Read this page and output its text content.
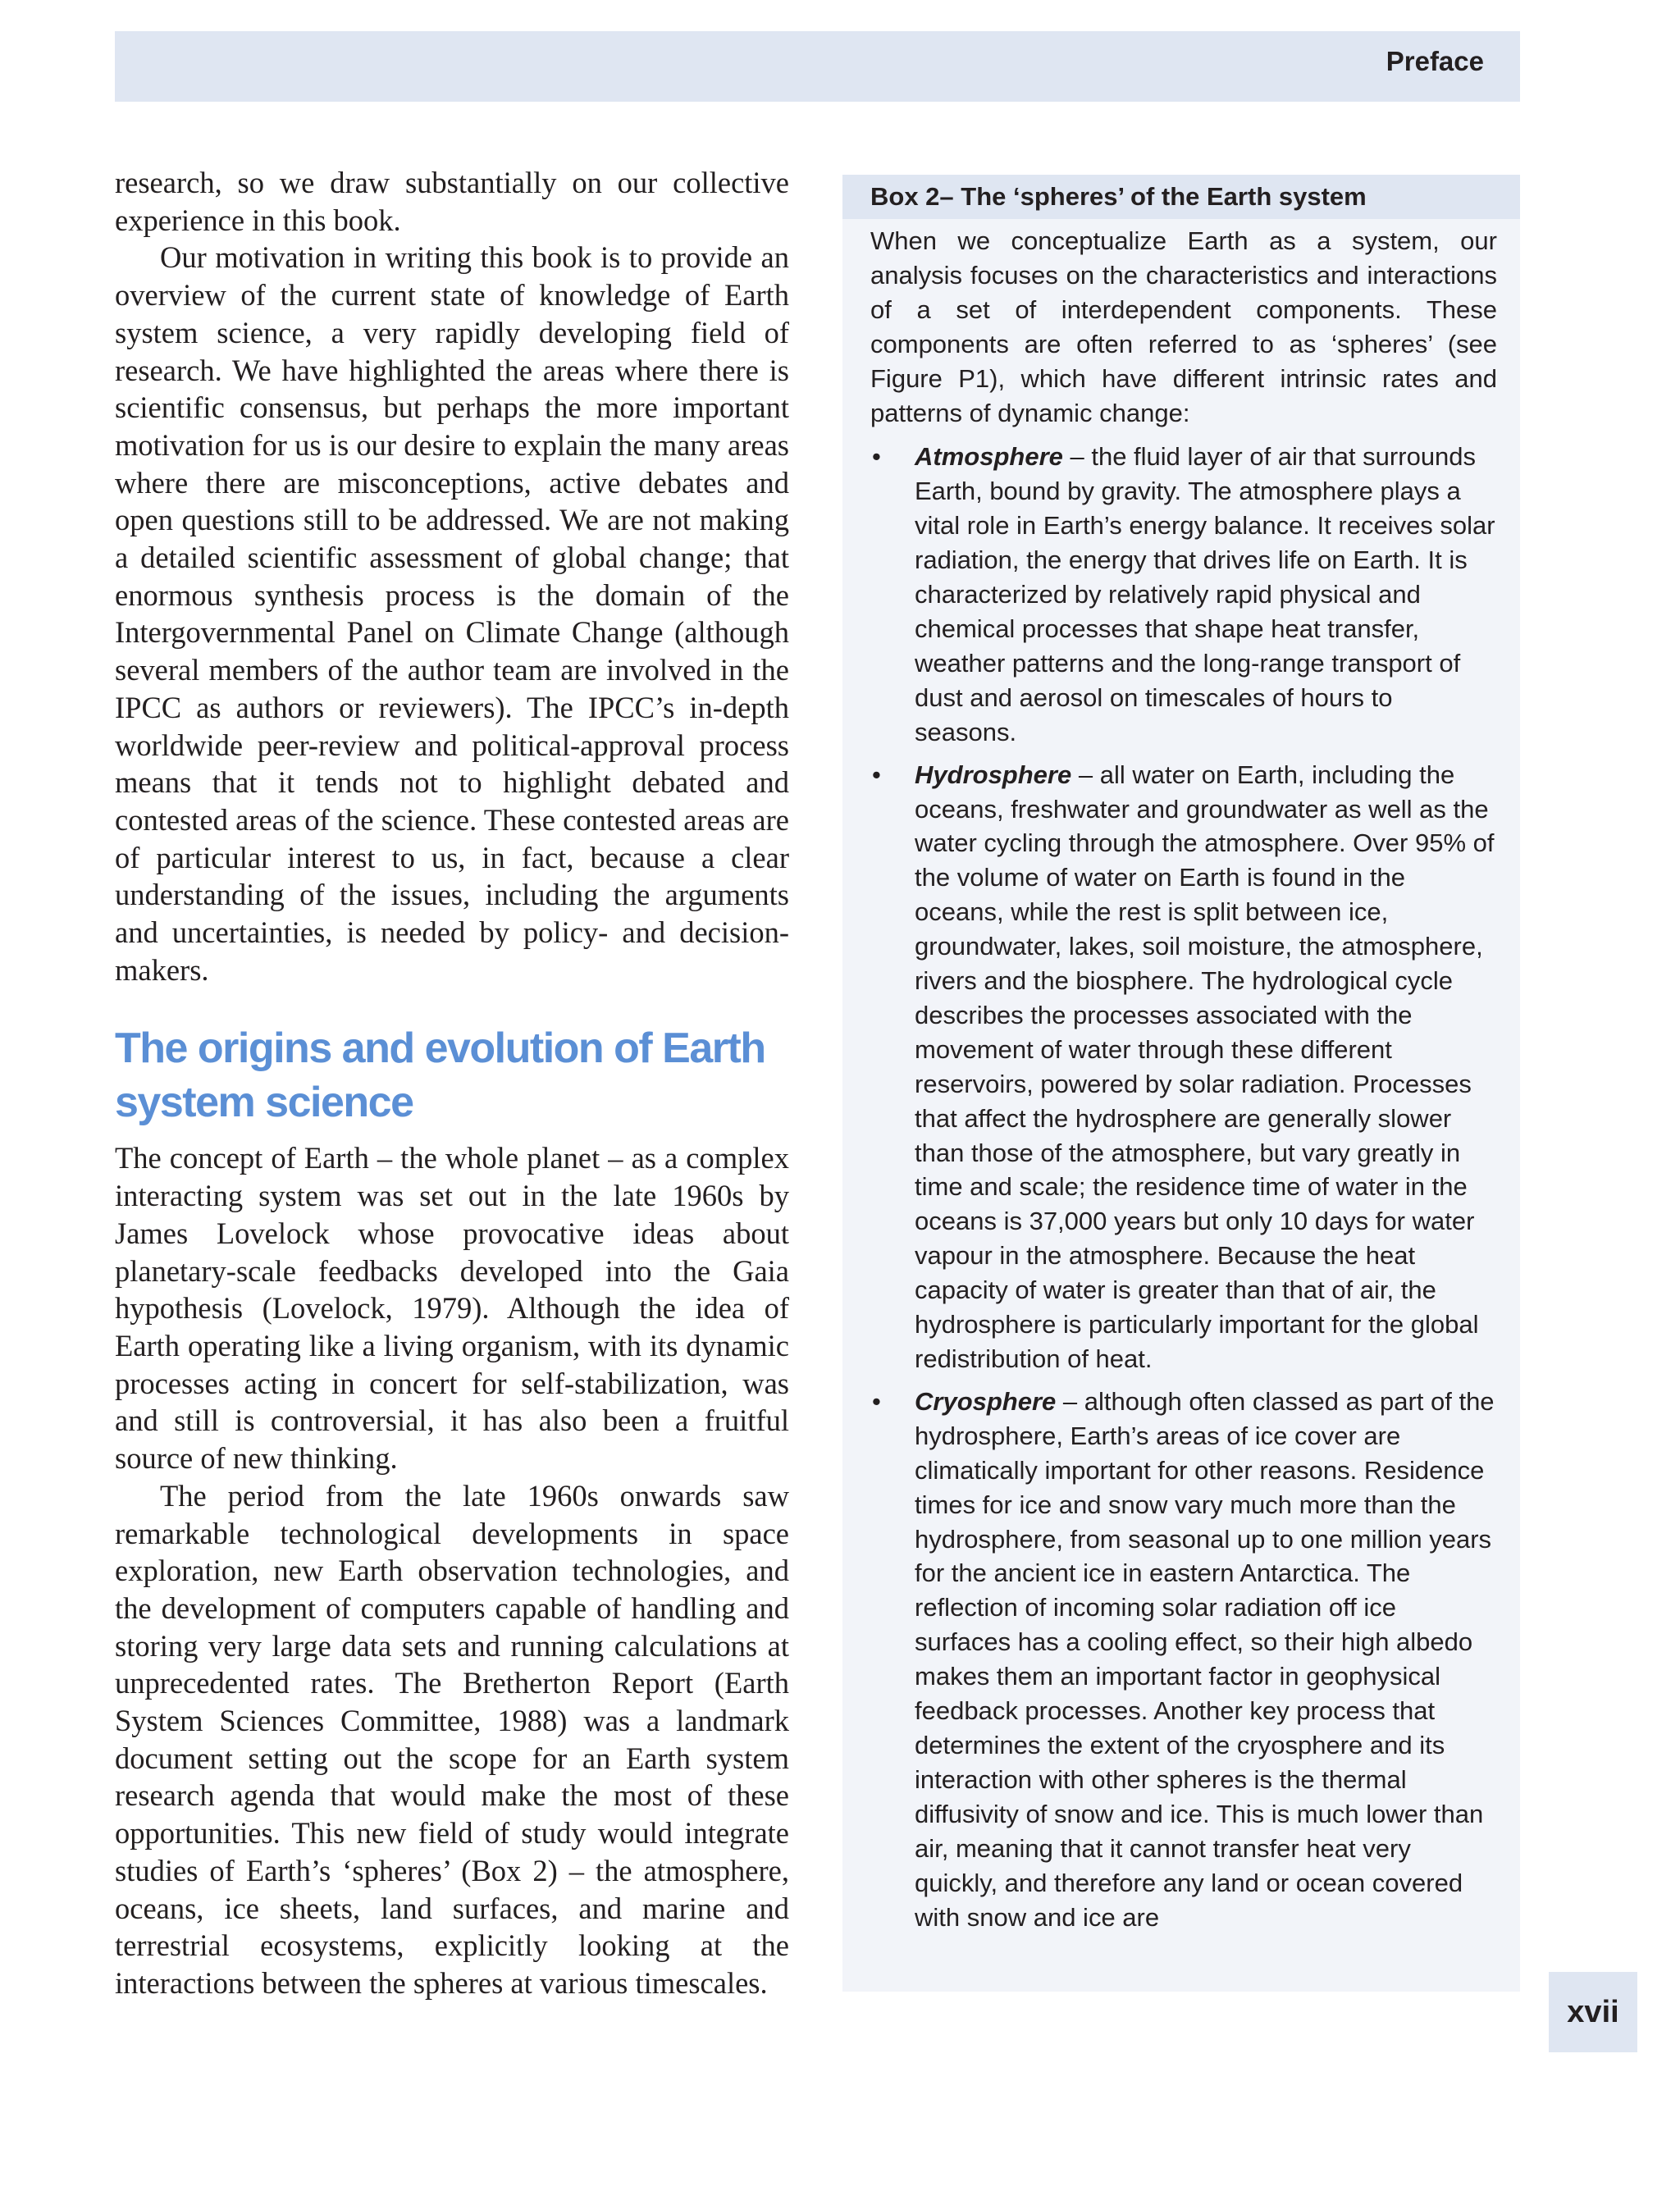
Preface

research, so we draw substantially on our collective experience in this book.

Our motivation in writing this book is to provide an overview of the current state of knowledge of Earth system science, a very rapidly developing field of research. We have highlighted the areas where there is scientific consensus, but perhaps the more important motivation for us is our desire to explain the many areas where there are misconceptions, active debates and open questions still to be addressed. We are not making a detailed scientific assessment of global change; that enormous synthesis process is the domain of the Intergovernmental Panel on Climate Change (although several members of the author team are involved in the IPCC as authors or reviewers). The IPCC’s in-depth worldwide peer-review and political-approval process means that it tends not to highlight debated and contested areas of the science. These contested areas are of particular interest to us, in fact, because a clear understanding of the issues, including the arguments and uncertainties, is needed by policy- and decision-makers.

The origins and evolution of Earth system science

The concept of Earth – the whole planet – as a complex interacting system was set out in the late 1960s by James Lovelock whose provocative ideas about planetary-scale feedbacks developed into the Gaia hypothesis (Lovelock, 1979). Although the idea of Earth operating like a living organism, with its dynamic processes acting in concert for self-stabilization, was and still is controversial, it has also been a fruitful source of new thinking.

The period from the late 1960s onwards saw remarkable technological developments in space exploration, new Earth observation technologies, and the development of computers capable of handling and storing very large data sets and running calculations at unprecedented rates. The Bretherton Report (Earth System Sciences Committee, 1988) was a landmark document setting out the scope for an Earth system research agenda that would make the most of these opportunities. This new field of study would integrate studies of Earth’s ‘spheres’ (Box 2) – the atmosphere, oceans, ice sheets, land surfaces, and marine and terrestrial ecosystems, explicitly looking at the interactions between the spheres at various timescales.

Box 2– The ‘spheres’ of the Earth system

When we conceptualize Earth as a system, our analysis focuses on the characteristics and interactions of a set of interdependent components. These components are often referred to as ‘spheres’ (see Figure P1), which have different intrinsic rates and patterns of dynamic change:

• Atmosphere – the fluid layer of air that surrounds Earth, bound by gravity. The atmosphere plays a vital role in Earth’s energy balance. It receives solar radiation, the energy that drives life on Earth. It is characterized by relatively rapid physical and chemical processes that shape heat transfer, weather patterns and the long-range transport of dust and aerosol on timescales of hours to seasons.
• Hydrosphere – all water on Earth, including the oceans, freshwater and groundwater as well as the water cycling through the atmosphere. Over 95% of the volume of water on Earth is found in the oceans, while the rest is split between ice, groundwater, lakes, soil moisture, the atmosphere, rivers and the biosphere. The hydrological cycle describes the processes associated with the movement of water through these different reservoirs, powered by solar radiation. Processes that affect the hydrosphere are generally slower than those of the atmosphere, but vary greatly in time and scale; the residence time of water in the oceans is 37,000 years but only 10 days for water vapour in the atmosphere. Because the heat capacity of water is greater than that of air, the hydrosphere is particularly important for the global redistribution of heat.
• Cryosphere – although often classed as part of the hydrosphere, Earth’s areas of ice cover are climatically important for other reasons. Residence times for ice and snow vary much more than the hydrosphere, from seasonal up to one million years for the ancient ice in eastern Antarctica. The reflection of incoming solar radiation off ice surfaces has a cooling effect, so their high albedo makes them an important factor in geophysical feedback processes. Another key process that determines the extent of the cryosphere and its interaction with other spheres is the thermal diffusivity of snow and ice. This is much lower than air, meaning that it cannot transfer heat very quickly, and therefore any land or ocean covered with snow and ice are
xvii
